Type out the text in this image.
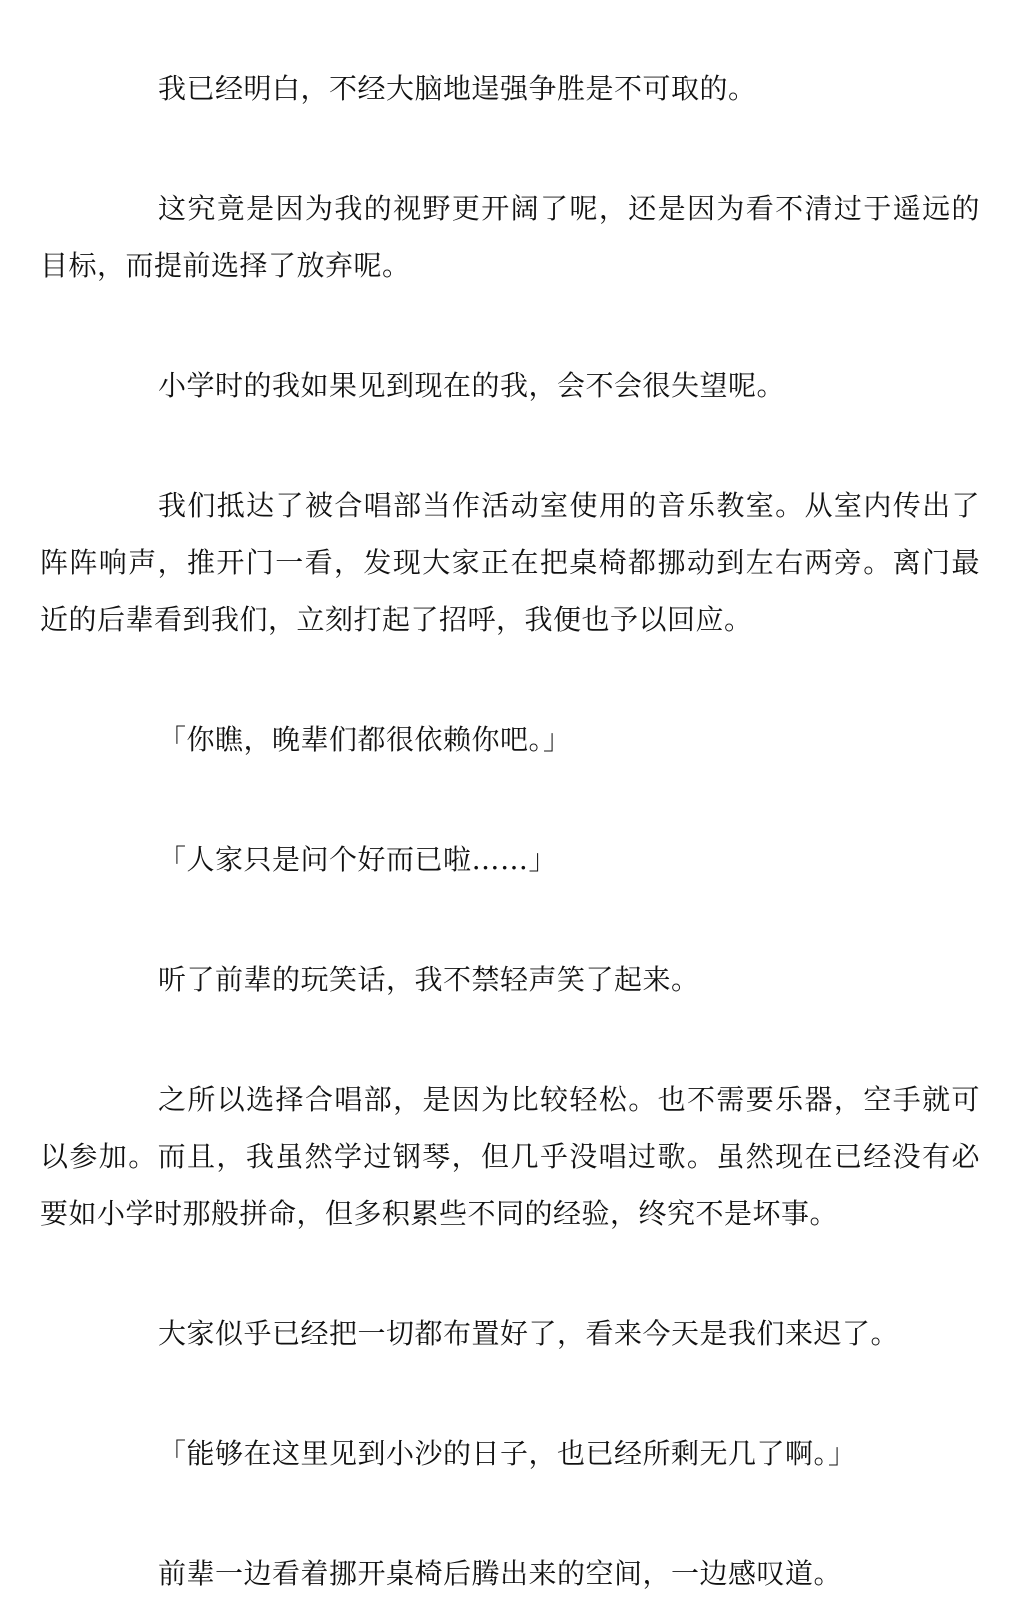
我已经明白，不经大脑地逞强争胜是不可取的。

这究竟是因为我的视野更开阔了呢，还是因为看不清过于遥远的目标，而提前选择了放弃呢。

小学时的我如果见到现在的我，会不会很失望呢。

我们抵达了被合唱部当作活动室使用的音乐教室。从室内传出了阵阵响声，推开门一看，发现大家正在把桌椅都挪动到左右两旁。离门最近的后辈看到我们，立刻打起了招呼，我便也予以回应。

「你瞧，晚辈们都很依赖你吧。」

「人家只是问个好而已啦……」

听了前辈的玩笑话，我不禁轻声笑了起来。

之所以选择合唱部，是因为比较轻松。也不需要乐器，空手就可以参加。而且，我虽然学过钢琴，但几乎没唱过歌。虽然现在已经没有必要如小学时那般拼命，但多积累些不同的经验，终究不是坏事。

大家似乎已经把一切都布置好了，看来今天是我们来迟了。

「能够在这里见到小沙的日子，也已经所剩无几了啊。」

前辈一边看着挪开桌椅后腾出来的空间，一边感叹道。
